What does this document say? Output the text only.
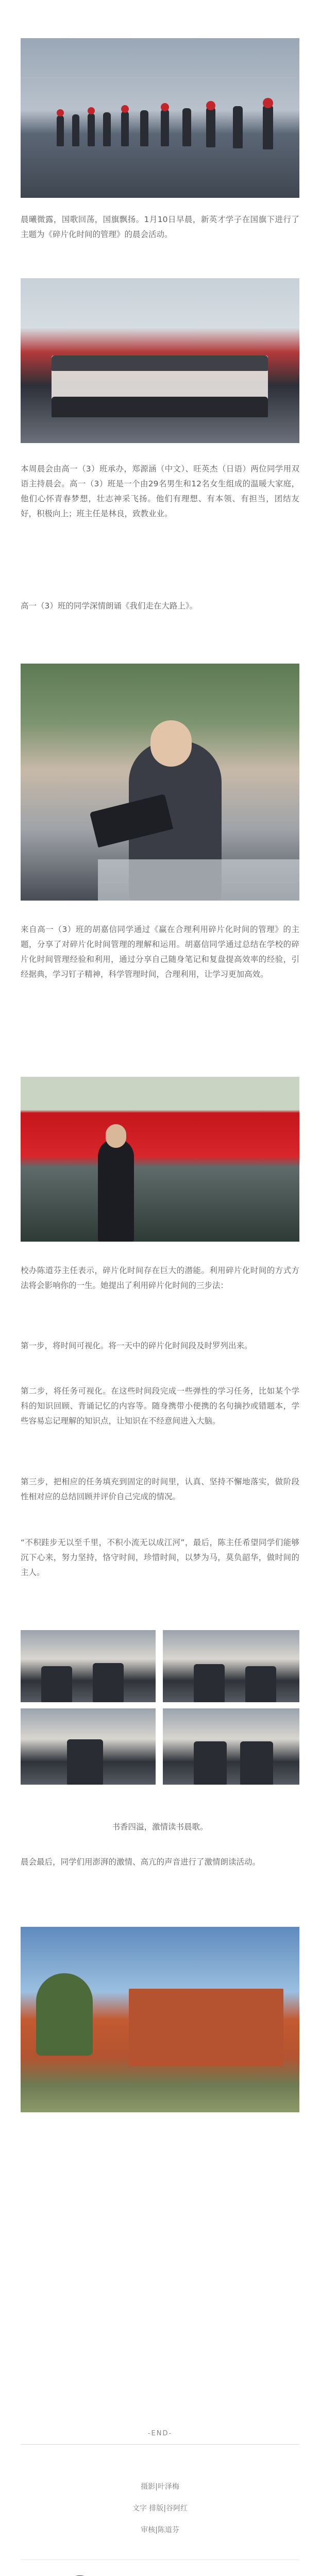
晨曦微露，国歌回荡，国旗飘扬。1月10日早晨，新英才学子在国旗下进行了主题为《碎片化时间的管理》的晨会活动。

本周晨会由高一（3）班承办，郑源涵（中文）、旺英杰（日语）两位同学用双语主持晨会。高一（3）班是一个由29名男生和12名女生组成的温暖大家庭，他们心怀青春梦想，壮志神采飞扬。他们有理想、有本领、有担当，团结友好，积极向上；班主任是林良，致教业业。

高一（3）班的同学深情朗诵《我们走在大路上》。

来自高一（3）班的胡嘉信同学通过《赢在合理利用碎片化时间的管理》的主题，分享了对碎片化时间管理的理解和运用。胡嘉信同学通过总结在学校的碎片化时间管理经验和利用，通过分享自己随身笔记和复盘提高效率的经验，引经据典，学习钉子精神，科学管理时间，合理利用，让学习更加高效。

校办陈道芬主任表示，碎片化时间存在巨大的潜能。利用碎片化时间的方式方法将会影响你的一生。她提出了利用碎片化时间的三步法：

第一步，将时间可视化。将一天中的碎片化时间段及时罗列出来。

第二步，将任务可视化。在这些时间段完成一些弹性的学习任务，比如某个学科的知识回顾、背诵记忆的内容等。随身携带小便携的名句摘抄或错题本，学些容易忘记理解的知识点，让知识在不经意间进入大脑。

第三步，把相应的任务填充到固定的时间里，认真、坚持不懈地落实，做阶段性相对应的总结回顾并评价自己完成的情况。

“不积跬步无以至千里，不积小流无以成江河”，最后，陈主任希望同学们能够沉下心来，努力坚持，恪守时间，珍惜时间，以梦为马，莫负韶华，做时间的主人。

书香四溢，激情读书晨歌。

晨会最后，同学们用澎湃的激情、高亢的声音进行了激情朗读活动。

-END-
摄影|叶泽梅
文字 排版|谷阿红
审核|陈道芬
